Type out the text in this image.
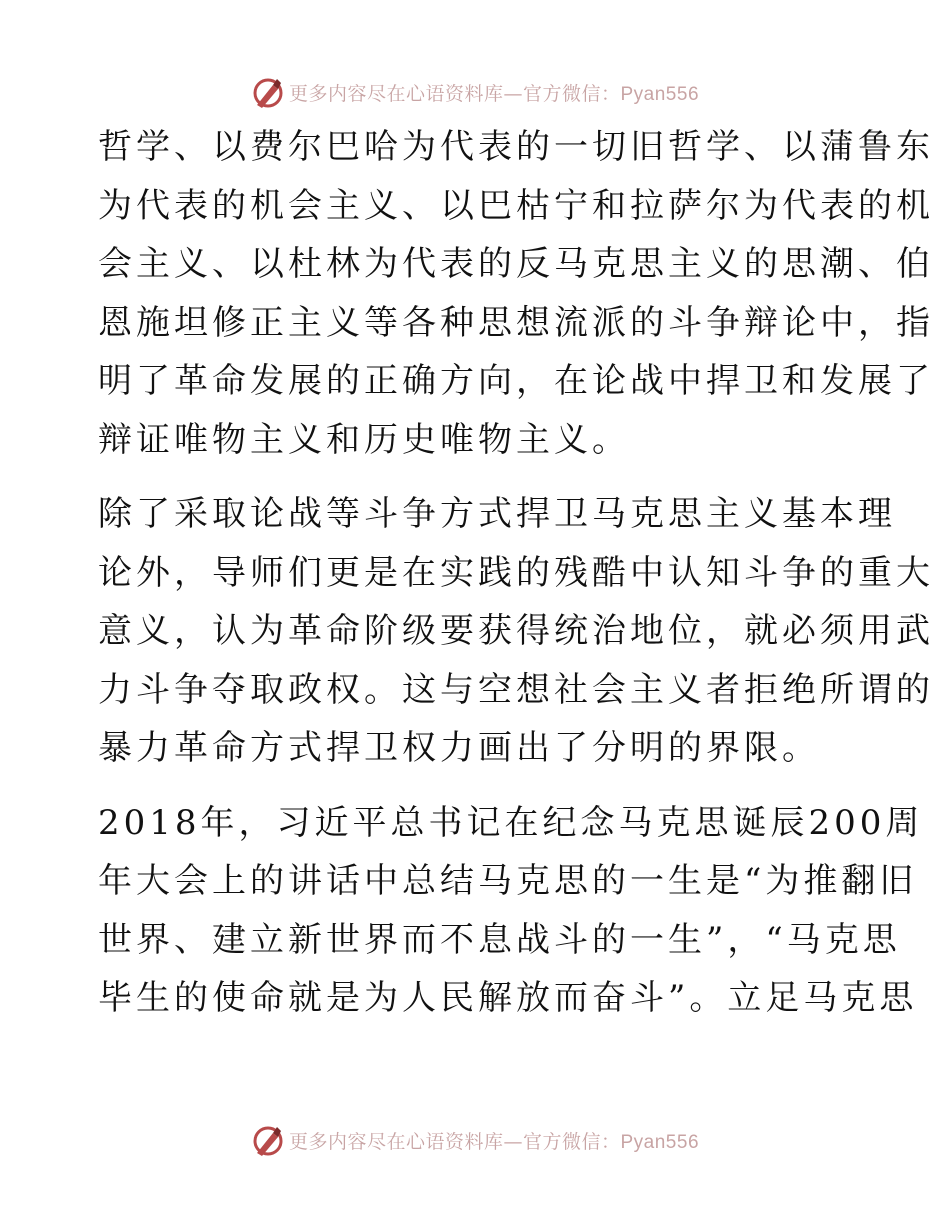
更多内容尽在心语资料库—官方微信：Pyan556

哲学、以费尔巴哈为代表的一切旧哲学、以蒲鲁东
为代表的机会主义、以巴枯宁和拉萨尔为代表的机
会主义、以杜林为代表的反马克思主义的思潮、伯
恩施坦修正主义等各种思想流派的斗争辩论中，指
明了革命发展的正确方向，在论战中捍卫和发展了
辩证唯物主义和历史唯物主义。

除了采取论战等斗争方式捍卫马克思主义基本理
论外，导师们更是在实践的残酷中认知斗争的重大
意义，认为革命阶级要获得统治地位，就必须用武
力斗争夺取政权。这与空想社会主义者拒绝所谓的
暴力革命方式捍卫权力画出了分明的界限。

2018年，习近平总书记在纪念马克思诞辰200周
年大会上的讲话中总结马克思的一生是“为推翻旧
世界、建立新世界而不息战斗的一生”，“马克思
毕生的使命就是为人民解放而奋斗”。立足马克思

更多内容尽在心语资料库—官方微信：Pyan556
